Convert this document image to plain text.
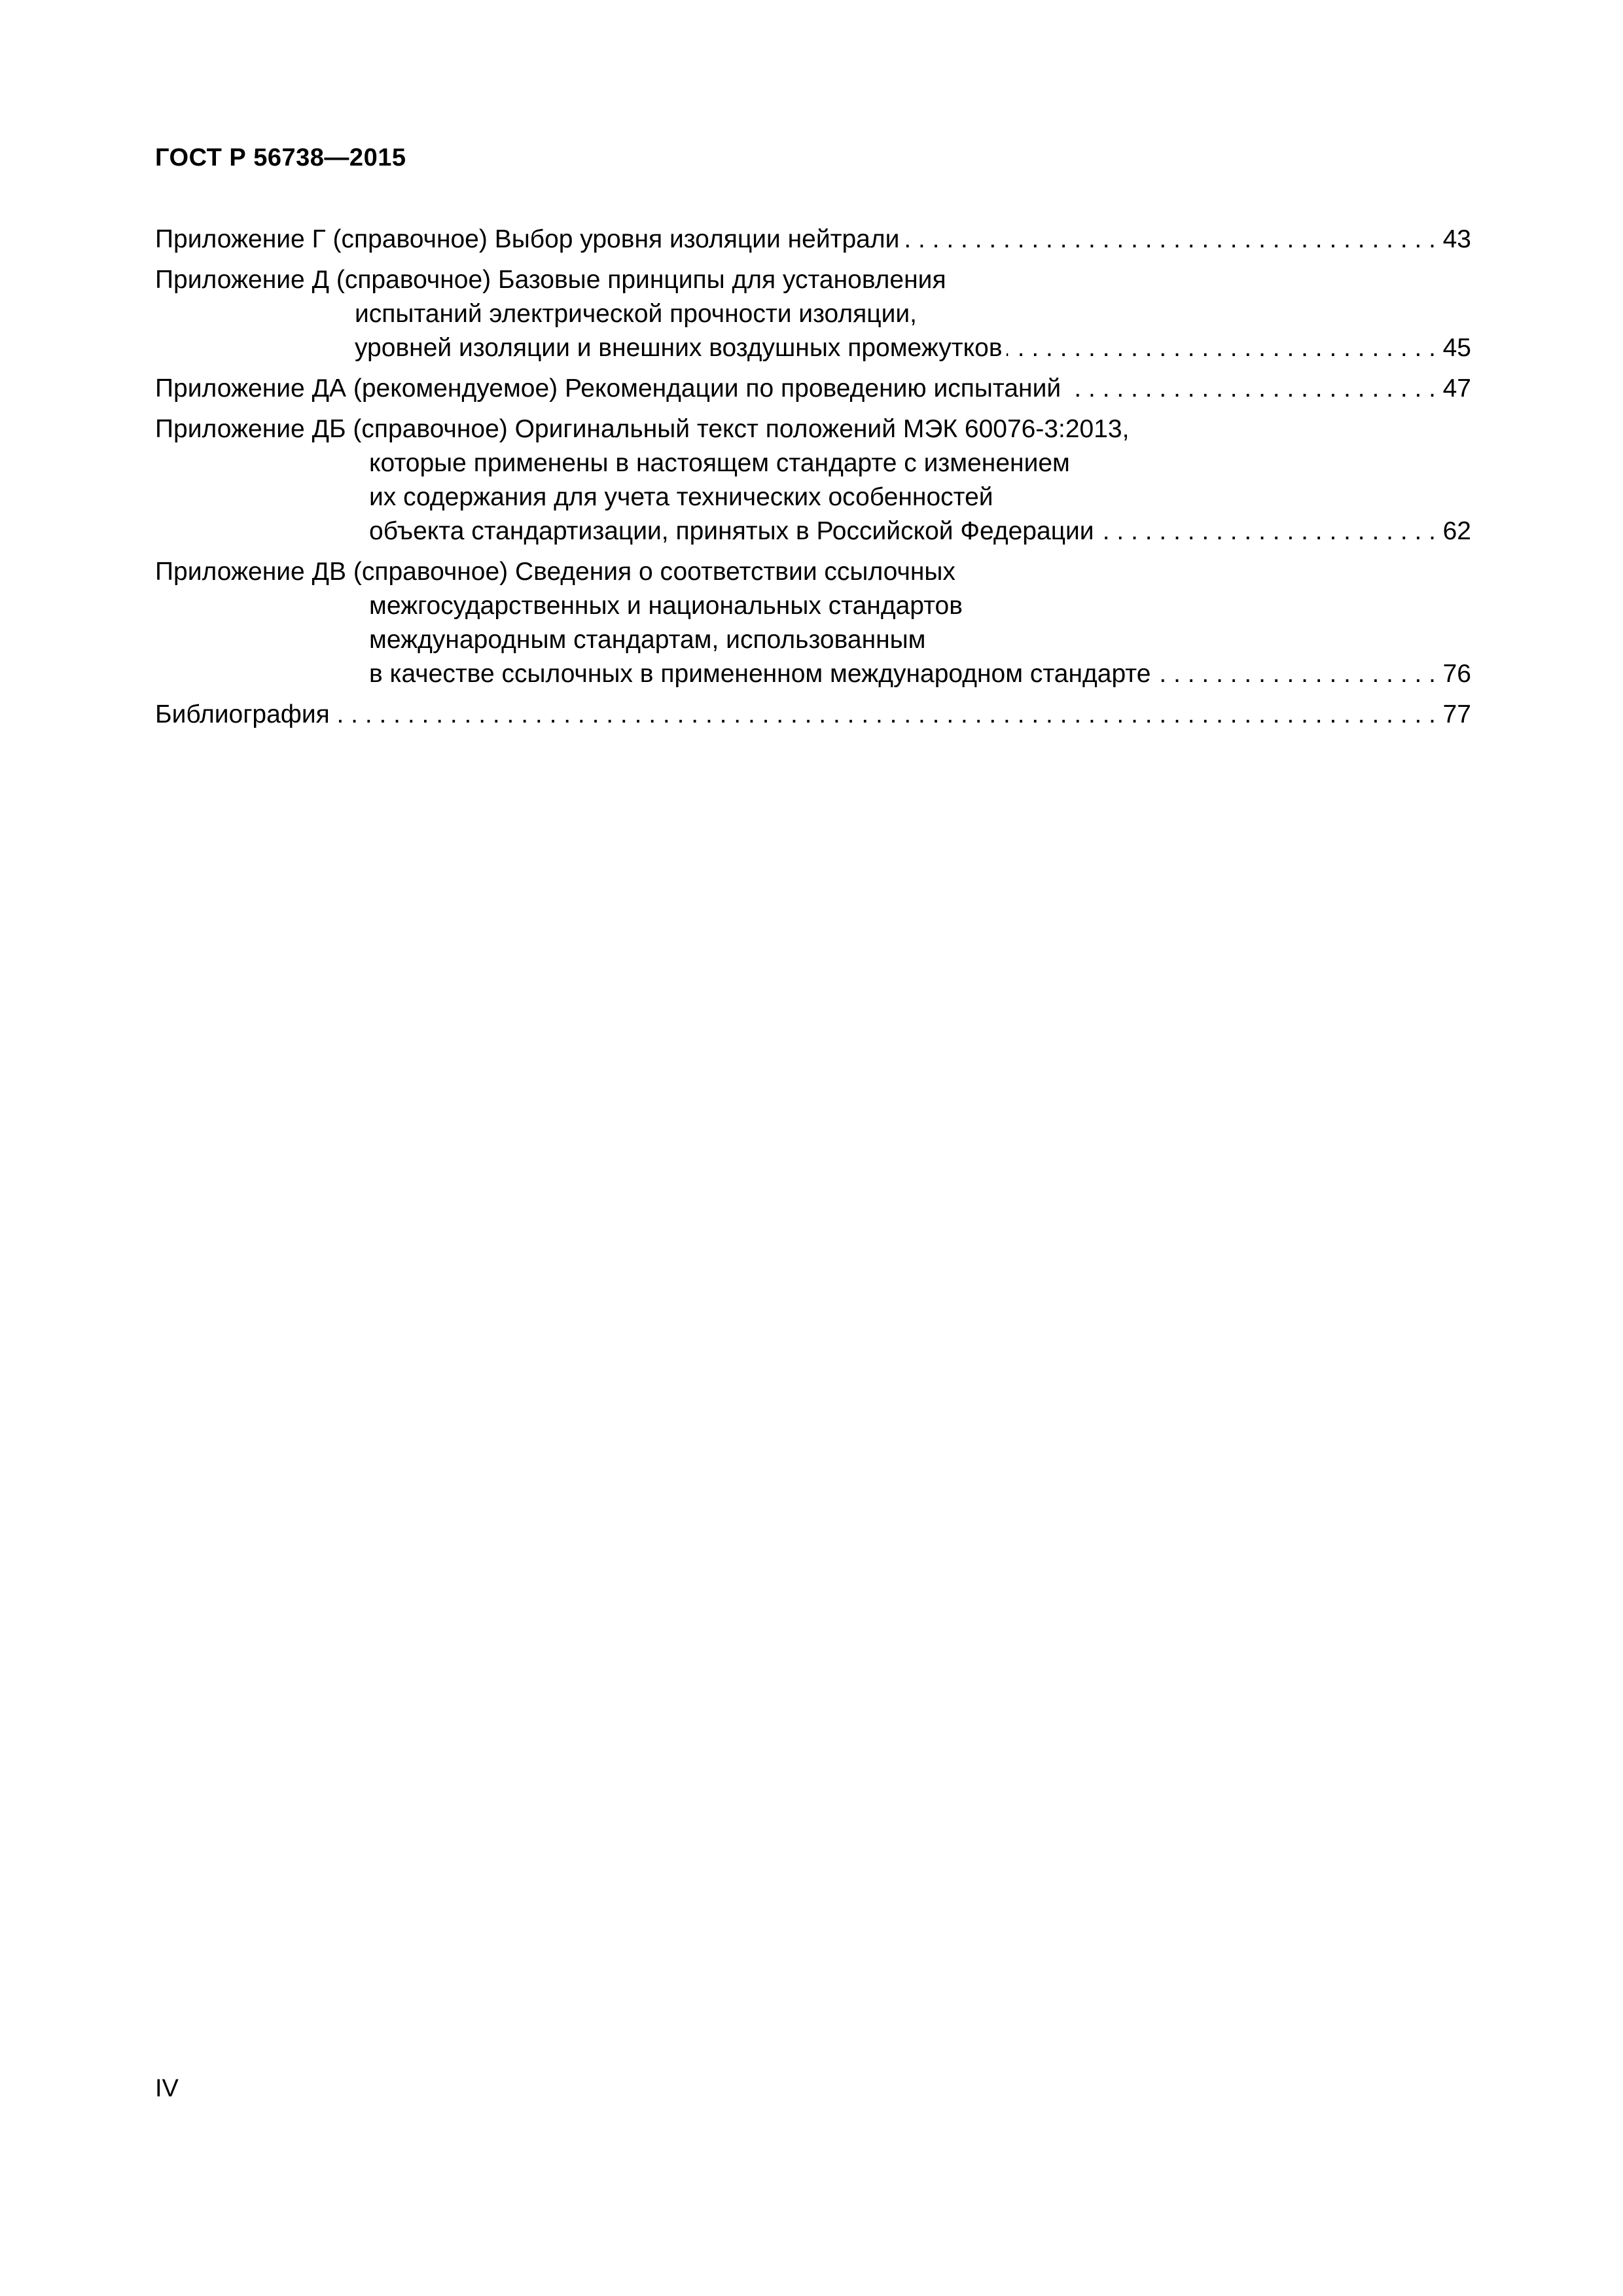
ГОСТ Р 56738—2015
Приложение Г (справочное) Выбор уровня изоляции нейтрали . . .	43
Приложение Д (справочное) Базовые принципы для установления
испытаний электрической прочности изоляции,
уровней изоляции и внешних воздушных промежутков . . .	45
Приложение ДА (рекомендуемое) Рекомендации по проведению испытаний . . .	47
Приложение ДБ (справочное) Оригинальный текст положений МЭК 60076-3:2013,
которые применены в настоящем стандарте с изменением
их содержания для учета технических особенностей
объекта стандартизации, принятых в Российской Федерации . . .	62
Приложение ДВ (справочное) Сведения о соответствии ссылочных
межгосударственных и национальных стандартов
международным стандартам, использованным
в качестве ссылочных в примененном международном стандарте . . .	76
Библиография . . .	77
IV
